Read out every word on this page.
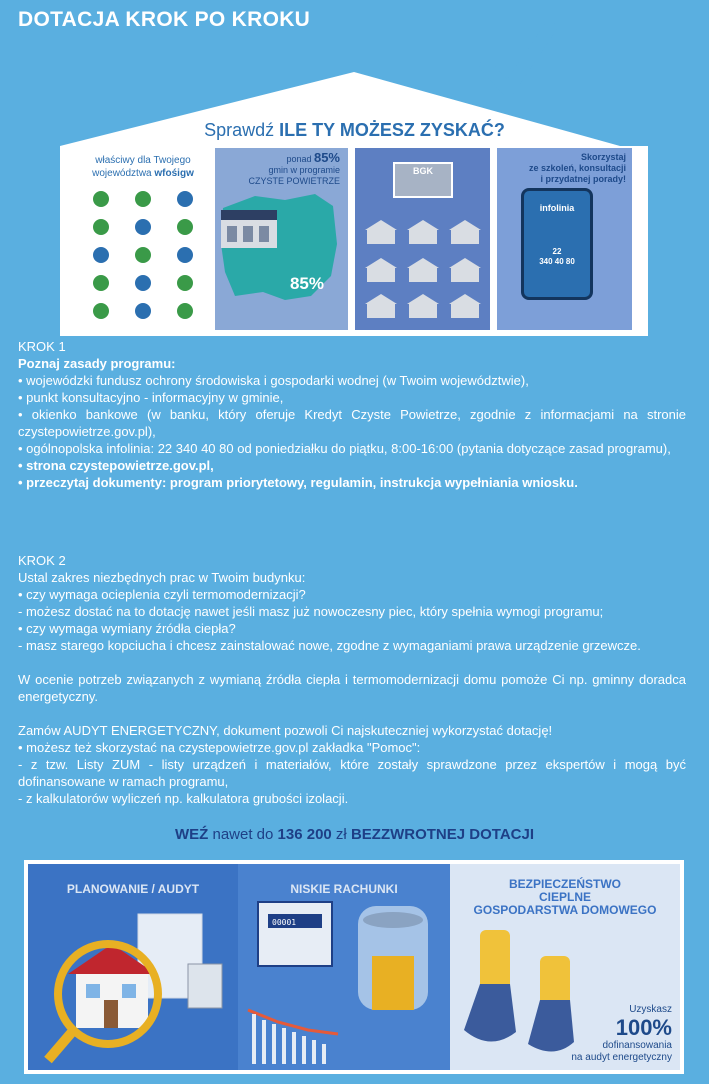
DOTACJA KROK PO KROKU
Sprawdź ILE TY MOŻESZ ZYSKAĆ?
właściwy dla Twojego
województwa wfośigw
ponad 85%
gmin w programie
CZYSTE POWIETRZE
85%
BGK
Skorzystaj
ze szkoleń, konsultacji
i przydatnej porady!
infolinia
22
340 40 80
KROK 1
Poznaj zasady programu:
• wojewódzki fundusz ochrony środowiska i gospodarki wodnej (w Twoim województwie),
• punkt konsultacyjno - informacyjny w gminie,
• okienko bankowe (w banku, który oferuje Kredyt Czyste Powietrze, zgodnie z informacjami na stronie czystepowietrze.gov.pl),
• ogólnopolska infolinia: 22 340 40 80 od poniedziałku do piątku, 8:00-16:00 (pytania dotyczące zasad programu),
• strona czystepowietrze.gov.pl,
• przeczytaj dokumenty: program priorytetowy, regulamin, instrukcja wypełniania wniosku.
KROK 2
Ustal zakres niezbędnych prac w Twoim budynku:
• czy wymaga ocieplenia czyli termomodernizacji?
- możesz dostać na to dotację nawet jeśli masz już nowoczesny piec, który spełnia wymogi programu;
• czy wymaga wymiany źródła ciepła?
- masz starego kopciucha i chcesz zainstalować nowe, zgodne z wymaganiami prawa urządzenie grzewcze.
W ocenie potrzeb związanych z wymianą źródła ciepła i termomodernizacji domu pomoże Ci np. gminny doradca energetyczny.
Zamów AUDYT ENERGETYCZNY, dokument pozwoli Ci najskuteczniej wykorzystać dotację!
• możesz też skorzystać na czystepowietrze.gov.pl zakładka "Pomoc":
- z tzw. Listy ZUM - listy urządzeń i materiałów, które zostały sprawdzone przez ekspertów i mogą być dofinansowane w ramach programu,
- z kalkulatorów wyliczeń np. kalkulatora grubości izolacji.
WEŹ nawet do 136 200 zł BEZZWROTNEJ DOTACJI
PLANOWANIE / AUDYT	NISKIE RACHUNKI
00001
BEZPIECZEŃSTWO
CIEPLNE
GOSPODARSTWA DOMOWEGO
Uzyskasz
100%
dofinansowania
na audyt energetyczny
